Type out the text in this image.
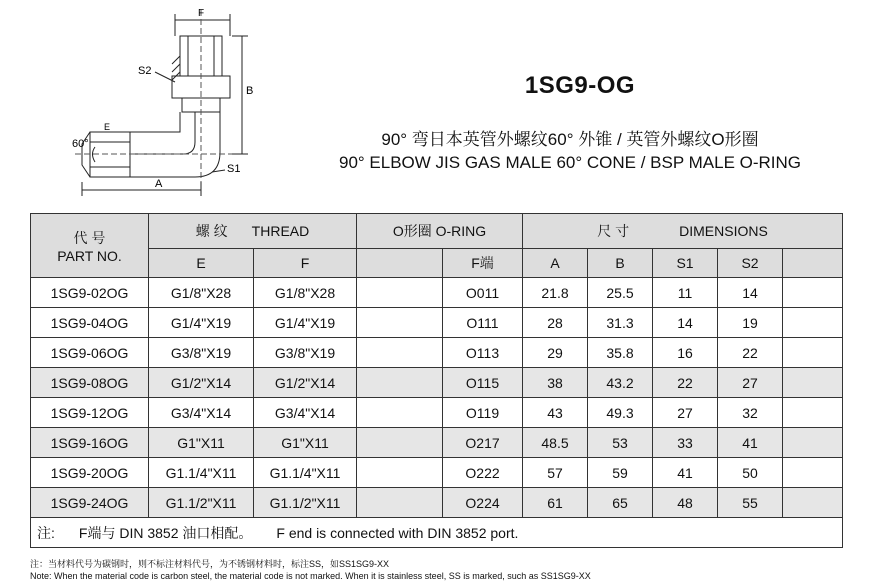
F
S2
B
E
60°
A
S1
1SG9-OG
90° 弯日本英管外螺纹60° 外锥 / 英管外螺纹O形圈
90° ELBOW JIS GAS MALE 60° CONE / BSP MALE O-RING
代 号
PART NO.	螺 纹 THREAD		O形圈 O-RING		尺 寸 DIMENSIONS				
	E	F		F端	A	B	S1	S2	
1SG9-02OG	G1/8"X28	G1/8"X28		O011	21.8	25.5	11	14	
1SG9-04OG	G1/4"X19	G1/4"X19		O111	28	31.3	14	19	
1SG9-06OG	G3/8"X19	G3/8"X19		O113	29	35.8	16	22	
1SG9-08OG	G1/2"X14	G1/2"X14		O115	38	43.2	22	27	
1SG9-12OG	G3/4"X14	G3/4"X14		O119	43	49.3	27	32	
1SG9-16OG	G1"X11	G1"X11		O217	48.5	53	33	41	
1SG9-20OG	G1.1/4"X11	G1.1/4"X11		O222	57	59	41	50	
1SG9-24OG	G1.1/2"X11	G1.1/2"X11		O224	61	65	48	55	
注: F端与 DIN 3852 油口相配。 F end is connected with DIN 3852 port.									
注：当材料代号为碳钢时，则不标注材料代号，为不锈钢材料时，标注SS，如SS1SG9-XX
Note: When the material code is carbon steel, the material code is not marked. When it is stainless steel, SS is marked, such as SS1SG9-XX
